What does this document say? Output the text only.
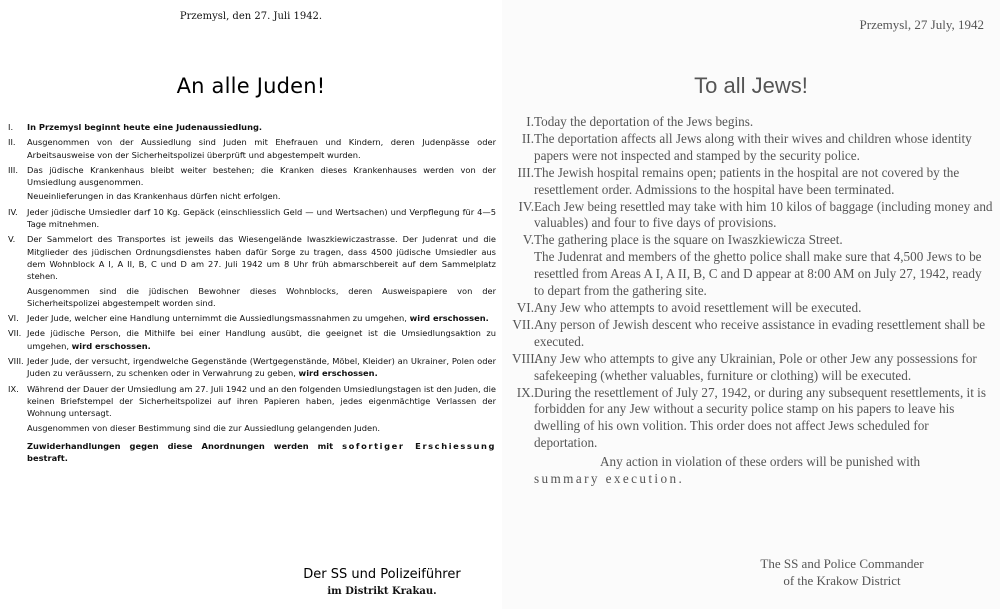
Przemysl, den 27. Juli 1942.
An alle Juden!
I.	In Przemysl beginnt heute eine Judenaussiedlung.
II.	Ausgenommen von der Aussiedlung sind Juden mit Ehefrauen und Kindern, deren Judenpässe oder Arbeitsausweise von der Sicherheitspolizei überprüft und abgestempelt wurden.
III.	Das jüdische Krankenhaus bleibt weiter bestehen; die Kranken dieses Krankenhauses werden von der Umsiedlung ausgenommen.
Neueinlieferungen in das Krankenhaus dürfen nicht erfolgen.
IV.	Jeder jüdische Umsiedler darf 10 Kg. Gepäck (einschliesslich Geld — und Wertsachen) und Verpflegung für 4—5 Tage mitnehmen.
V.	Der Sammelort des Transportes ist jeweils das Wiesengelände Iwaszkiewiczastrasse. Der Judenrat und die Mitglieder des jüdischen Ordnungsdienstes haben dafür Sorge zu tragen, dass 4500 jüdische Umsiedler aus dem Wohnblock A I, A II, B, C und D am 27. Juli 1942 um 8 Uhr früh abmarschbereit auf dem Sammelplatz stehen.
Ausgenommen sind die jüdischen Bewohner dieses Wohnblocks, deren Ausweispapiere von der Sicherheitspolizei abgestempelt worden sind.
VI. Jeder Jude, welcher eine Handlung unternimmt die Aussiedlungsmassnahmen zu umgehen, wird erschossen.
VII. Jede jüdische Person, die Mithilfe bei einer Handlung ausübt, die geeignet ist die Umsiedlungsaktion zu umgehen, wird erschossen.
VIII. Jeder Jude, der versucht, irgendwelche Gegenstände (Wertgegenstände, Möbel, Kleider) an Ukrainer, Polen oder Juden zu veräussern, zu schenken oder in Verwahrung zu geben, wird erschossen.
IX. Während der Dauer der Umsiedlung am 27. Juli 1942 und an den folgenden Umsiedlungstagen ist den Juden, die keinen Briefstempel der Sicherheitspolizei auf ihren Papieren haben, jedes eigenmächtige Verlassen der Wohnung untersagt.
Ausgenommen von dieser Bestimmung sind die zur Aussiedlung gelangenden Juden.
Zuwiderhandlungen gegen diese Anordnungen werden mit sofortiger Erschiessung bestraft.
Der SS und Polizeiführer
im Distrikt Krakau.
Przemysl, 27 July, 1942
To all Jews!
I. Today the deportation of the Jews begins.
II. The deportation affects all Jews along with their wives and children whose identity papers were not inspected and stamped by the security police.
III. The Jewish hospital remains open; patients in the hospital are not covered by the resettlement order. Admissions to the hospital have been terminated.
IV. Each Jew being resettled may take with him 10 kilos of baggage (including money and valuables) and four to five days of provisions.
V. The gathering place is the square on Iwaszkiewicza Street.
The Judenrat and members of the ghetto police shall make sure that 4,500 Jews to be resettled from Areas A I, A II, B, C and D appear at 8:00 AM on July 27, 1942, ready to depart from the gathering site.
VI. Any Jew who attempts to avoid resettlement will be executed.
VII. Any person of Jewish descent who receive assistance in evading resettlement shall be executed.
VIII.
Any Jew who attempts to give any Ukrainian, Pole or other Jew any possessions for safekeeping (whether valuables, furniture or clothing) will be executed.
IX. During the resettlement of July 27, 1942, or during any subsequent resettlements, it is forbidden for any Jew without a security police stamp on his papers to leave his dwelling of his own volition. This order does not affect Jews scheduled for deportation.
Any action in violation of these orders will be punished with
summary execution.
The SS and Police Commander
of the Krakow District
